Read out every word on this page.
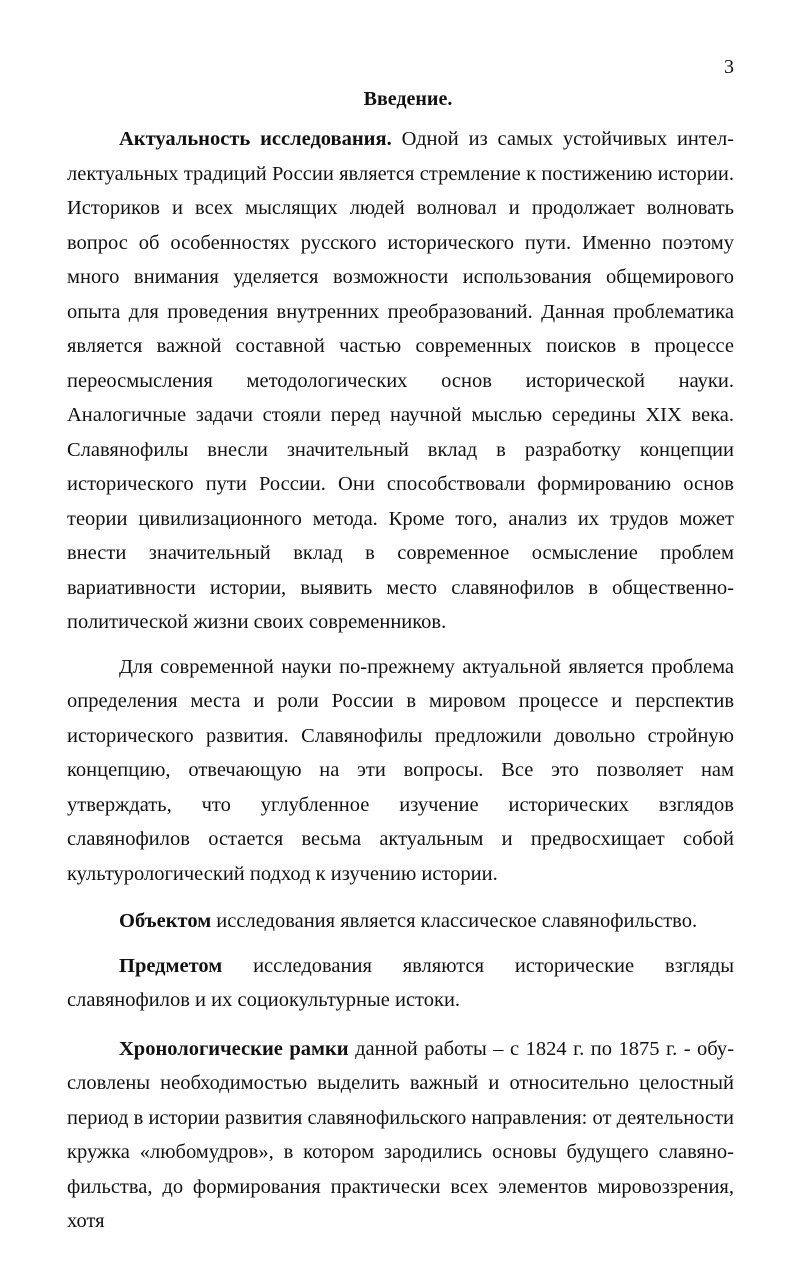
3
Введение.

Актуальность исследования. Одной из самых устойчивых интеллектуальных традиций России является стремление к постижению истории. Историков и всех мыслящих людей волновал и продолжает волновать вопрос об особенностях русского исторического пути. Именно поэтому много внимания уделяется возможности использования общемирового опыта для проведения внутренних преобразований. Данная проблематика является важной составной частью современных поисков в процессе переосмысления методологических основ исторической науки. Аналогичные задачи стояли перед научной мыслью середины XIX века. Славянофилы внесли значительный вклад в разработку концепции исторического пути России. Они способствовали формированию основ теории цивилизационного метода. Кроме того, анализ их трудов может внести значительный вклад в современное осмысление проблем вариативности истории, выявить место славянофилов в общественно-политической жизни своих современников.

Для современной науки по-прежнему актуальной является проблема определения места и роли России в мировом процессе и перспектив исторического развития. Славянофилы предложили довольно стройную концепцию, отвечающую на эти вопросы. Все это позволяет нам утверждать, что углубленное изучение исторических взглядов славянофилов остается весьма актуальным и предвосхищает собой культурологический подход к изучению истории.

Объектом исследования является классическое славянофильство.

Предметом исследования являются исторические взгляды славянофилов и их социокультурные истоки.

Хронологические рамки данной работы – с 1824 г. по 1875 г. - обусловлены необходимостью выделить важный и относительно целостный период в истории развития славянофильского направления: от деятельности кружка «любомудров», в котором зародились основы будущего славянофильства, до формирования практически всех элементов мировоззрения, хотя
